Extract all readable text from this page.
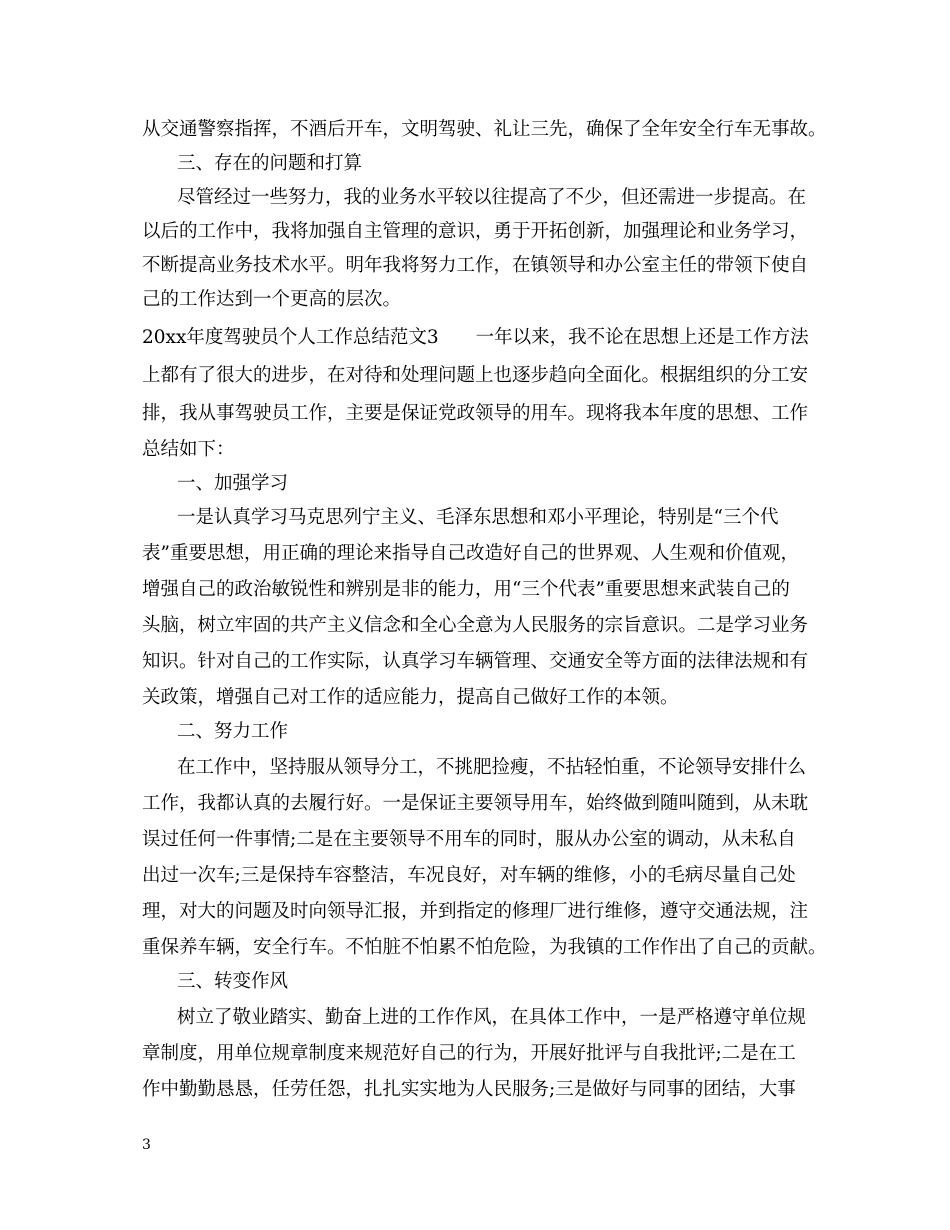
从交通警察指挥，不酒后开车，文明驾驶、礼让三先，确保了全年安全行车无事故。
三、存在的问题和打算
尽管经过一些努力，我的业务水平较以往提高了不少，但还需进一步提高。在
以后的工作中，我将加强自主管理的意识，勇于开拓创新，加强理论和业务学习，
不断提高业务技术水平。明年我将努力工作，在镇领导和办公室主任的带领下使自
己的工作达到一个更高的层次。
20xx年度驾驶员个人工作总结范文3　　一年以来，我不论在思想上还是工作方法
上都有了很大的进步，在对待和处理问题上也逐步趋向全面化。根据组织的分工安
排，我从事驾驶员工作，主要是保证党政领导的用车。现将我本年度的思想、工作
总结如下：
一、加强学习
一是认真学习马克思列宁主义、毛泽东思想和邓小平理论，特别是“三个代
表”重要思想，用正确的理论来指导自己改造好自己的世界观、人生观和价值观，
增强自己的政治敏锐性和辨别是非的能力，用“三个代表”重要思想来武装自己的
头脑，树立牢固的共产主义信念和全心全意为人民服务的宗旨意识。二是学习业务
知识。针对自己的工作实际，认真学习车辆管理、交通安全等方面的法律法规和有
关政策，增强自己对工作的适应能力，提高自己做好工作的本领。
二、努力工作
在工作中，坚持服从领导分工，不挑肥捡瘦，不拈轻怕重，不论领导安排什么
工作，我都认真的去履行好。一是保证主要领导用车，始终做到随叫随到，从未耽
误过任何一件事情;二是在主要领导不用车的同时，服从办公室的调动，从未私自
出过一次车;三是保持车容整洁，车况良好，对车辆的维修，小的毛病尽量自己处
理，对大的问题及时向领导汇报，并到指定的修理厂进行维修，遵守交通法规，注
重保养车辆，安全行车。不怕脏不怕累不怕危险，为我镇的工作作出了自己的贡献。
三、转变作风
树立了敬业踏实、勤奋上进的工作作风，在具体工作中，一是严格遵守单位规
章制度，用单位规章制度来规范好自己的行为，开展好批评与自我批评;二是在工
作中勤勤恳恳，任劳任怨，扎扎实实地为人民服务;三是做好与同事的团结，大事
3
